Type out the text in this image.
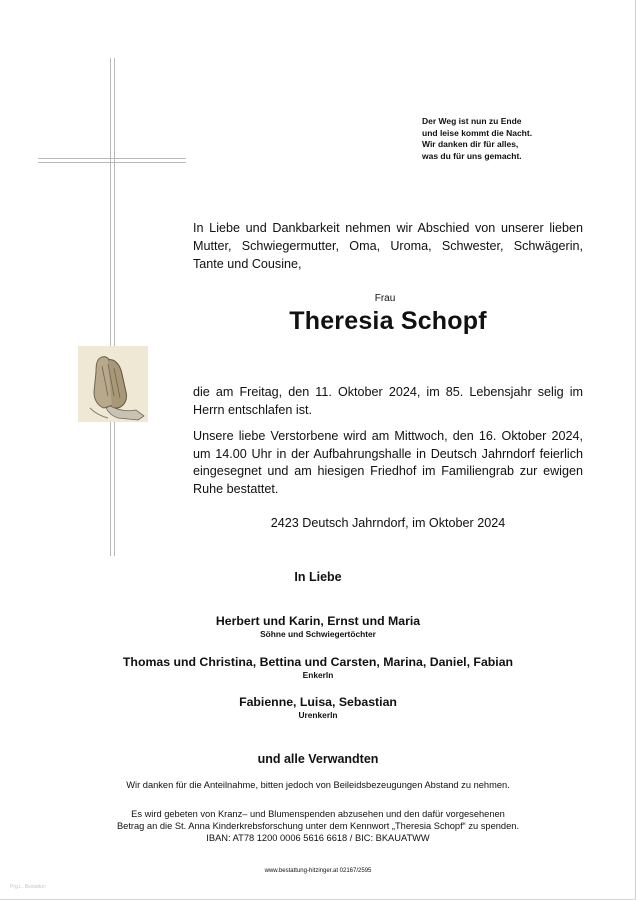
Der Weg ist nun zu Ende
und leise kommt die Nacht.
Wir danken dir für alles,
was du für uns gemacht.
In Liebe und Dankbarkeit nehmen wir Abschied von unserer lieben
Mutter, Schwiegermutter, Oma, Uroma, Schwester, Schwägerin,
Tante und Cousine,
Frau
Theresia Schopf
die am Freitag, den 11. Oktober 2024, im 85. Lebensjahr selig im Herrn entschlafen ist.
Unsere liebe Verstorbene wird am Mittwoch, den 16. Oktober 2024, um 14.00 Uhr in der Aufbahrungshalle in Deutsch Jahrndorf feierlich eingesegnet und am hiesigen Friedhof im Familiengrab zur ewigen Ruhe bestattet.
2423 Deutsch Jahrndorf, im Oktober 2024
In Liebe
Herbert und Karin, Ernst und Maria
Söhne und Schwiegertöchter
Thomas und Christina, Bettina und Carsten, Marina, Daniel, Fabian
Enkerln
Fabienne, Luisa, Sebastian
Urenkerln
und alle Verwandten
Wir danken für die Anteilnahme, bitten jedoch von Beileidsbezeugungen Abstand zu nehmen.
Es wird gebeten von Kranz– und Blumenspenden abzusehen und den dafür vorgesehenen
Betrag an die St. Anna Kinderkrebsforschung unter dem Kennwort „Theresia Schopf“ zu spenden.
IBAN: AT78 1200 0006 5616 6618 / BIC: BKAUATWW
www.bestattung-hitzinger.at 02167/2595
Prg.L. Bestattun
